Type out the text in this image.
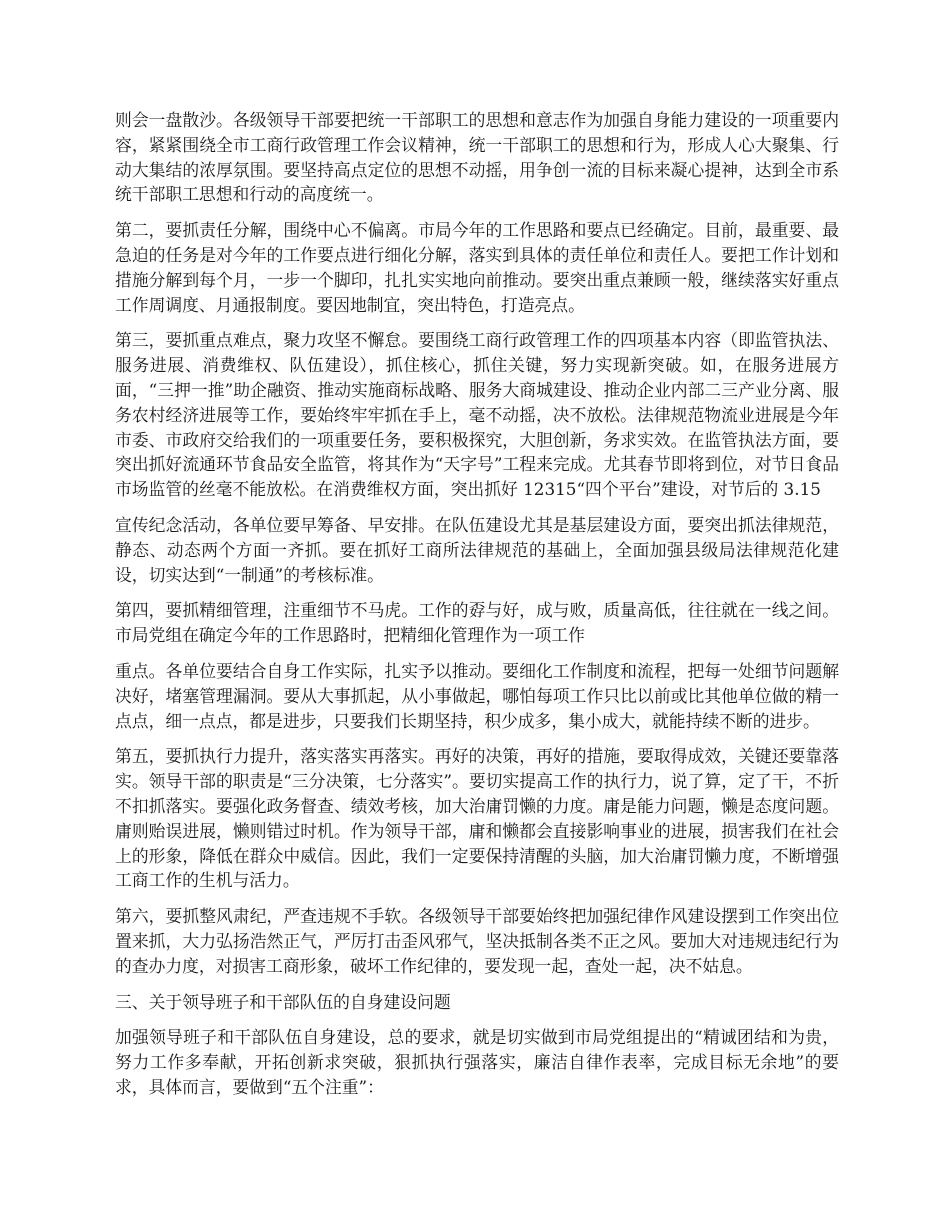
则会一盘散沙。各级领导干部要把统一干部职工的思想和意志作为加强自身能力建设的一项重要内容，紧紧围绕全市工商行政管理工作会议精神，统一干部职工的思想和行为，形成人心大聚集、行动大集结的浓厚氛围。要坚持高点定位的思想不动摇，用争创一流的目标来凝心提神，达到全市系统干部职工思想和行动的高度统一。

第二，要抓责任分解，围绕中心不偏离。市局今年的工作思路和要点已经确定。目前，最重要、最急迫的任务是对今年的工作要点进行细化分解，落实到具体的责任单位和责任人。要把工作计划和措施分解到每个月，一步一个脚印，扎扎实实地向前推动。要突出重点兼顾一般，继续落实好重点工作周调度、月通报制度。要因地制宜，突出特色，打造亮点。

第三，要抓重点难点，聚力攻坚不懈怠。要围绕工商行政管理工作的四项基本内容（即监管执法、服务进展、消费维权、队伍建设），抓住核心，抓住关键，努力实现新突破。如，在服务进展方面，“三押一推”助企融资、推动实施商标战略、服务大商城建设、推动企业内部二三产业分离、服务农村经济进展等工作，要始终牢牢抓在手上，毫不动摇，决不放松。法律规范物流业进展是今年市委、市政府交给我们的一项重要任务，要积极探究，大胆创新，务求实效。在监管执法方面，要突出抓好流通环节食品安全监管，将其作为“天字号”工程来完成。尤其春节即将到位，对节日食品市场监管的丝毫不能放松。在消费维权方面，突出抓好 12315“四个平台”建设，对节后的 3.15

宣传纪念活动，各单位要早筹备、早安排。在队伍建设尤其是基层建设方面，要突出抓法律规范，静态、动态两个方面一齐抓。要在抓好工商所法律规范的基础上，全面加强县级局法律规范化建设，切实达到“一制通”的考核标准。

第四，要抓精细管理，注重细节不马虎。工作的孬与好，成与败，质量高低，往往就在一线之间。市局党组在确定今年的工作思路时，把精细化管理作为一项工作

重点。各单位要结合自身工作实际，扎实予以推动。要细化工作制度和流程，把每一处细节问题解决好，堵塞管理漏洞。要从大事抓起，从小事做起，哪怕每项工作只比以前或比其他单位做的精一点点，细一点点，都是进步，只要我们长期坚持，积少成多，集小成大，就能持续不断的进步。

第五，要抓执行力提升，落实落实再落实。再好的决策，再好的措施，要取得成效，关键还要靠落实。领导干部的职责是“三分决策，七分落实”。要切实提高工作的执行力，说了算，定了干，不折不扣抓落实。要强化政务督查、绩效考核，加大治庸罚懒的力度。庸是能力问题，懒是态度问题。庸则贻误进展，懒则错过时机。作为领导干部，庸和懒都会直接影响事业的进展，损害我们在社会上的形象，降低在群众中威信。因此，我们一定要保持清醒的头脑，加大治庸罚懒力度，不断增强工商工作的生机与活力。

第六，要抓整风肃纪，严查违规不手软。各级领导干部要始终把加强纪律作风建设摆到工作突出位置来抓，大力弘扬浩然正气，严厉打击歪风邪气，坚决抵制各类不正之风。要加大对违规违纪行为的查办力度，对损害工商形象，破坏工作纪律的，要发现一起，查处一起，决不姑息。

三、关于领导班子和干部队伍的自身建设问题

加强领导班子和干部队伍自身建设，总的要求，就是切实做到市局党组提出的“精诚团结和为贵，努力工作多奉献，开拓创新求突破，狠抓执行强落实，廉洁自律作表率，完成目标无余地”的要求，具体而言，要做到“五个注重”：
